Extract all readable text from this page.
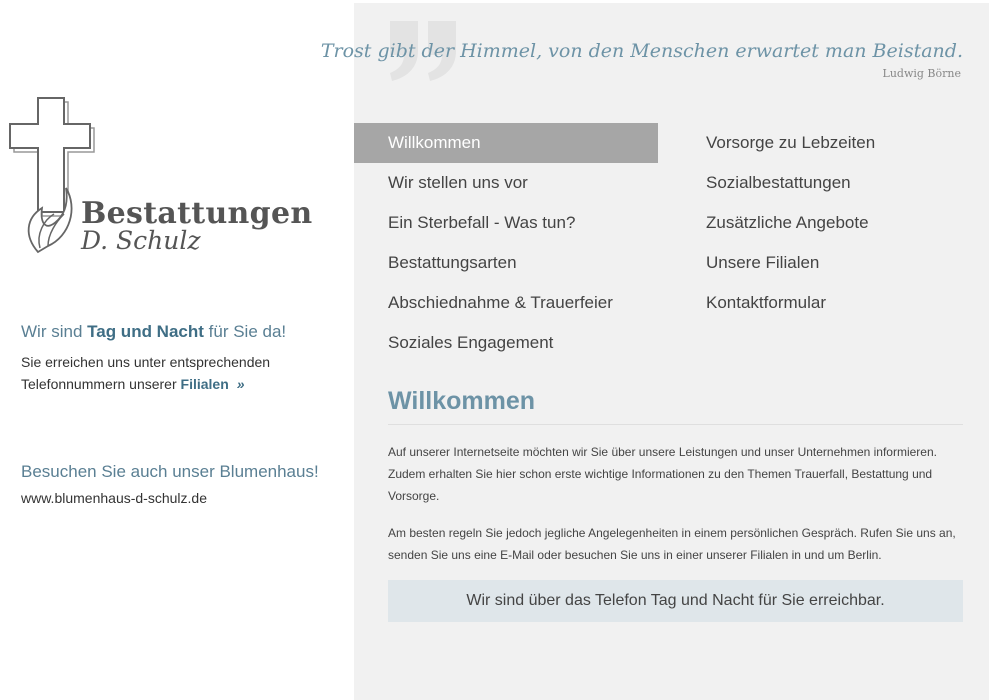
Bestattungen
D. Schulz
Wir sind Tag und Nacht für Sie da!
Sie erreichen uns unter entsprechenden
Telefonnummern unserer Filialen »
Besuchen Sie auch unser Blumenhaus!
www.blumenhaus-d-schulz.de
Trost gibt der Himmel, von den Menschen erwartet man Beistand.
Ludwig Börne
Willkommen
Wir stellen uns vor
Ein Sterbefall - Was tun?
Bestattungsarten
Abschiednahme & Trauerfeier
Soziales Engagement
Vorsorge zu Lebzeiten
Sozialbestattungen
Zusätzliche Angebote
Unsere Filialen
Kontaktformular
Willkommen

Auf unserer Internetseite möchten wir Sie über unsere Leistungen und unser Unternehmen informieren. Zudem erhalten Sie hier schon erste wichtige Informationen zu den Themen Trauerfall, Bestattung und Vorsorge.

Am besten regeln Sie jedoch jegliche Angelegenheiten in einem persönlichen Gespräch. Rufen Sie uns an, senden Sie uns eine E-Mail oder besuchen Sie uns in einer unserer Filialen in und um Berlin.

Wir sind über das Telefon Tag und Nacht für Sie erreichbar.
